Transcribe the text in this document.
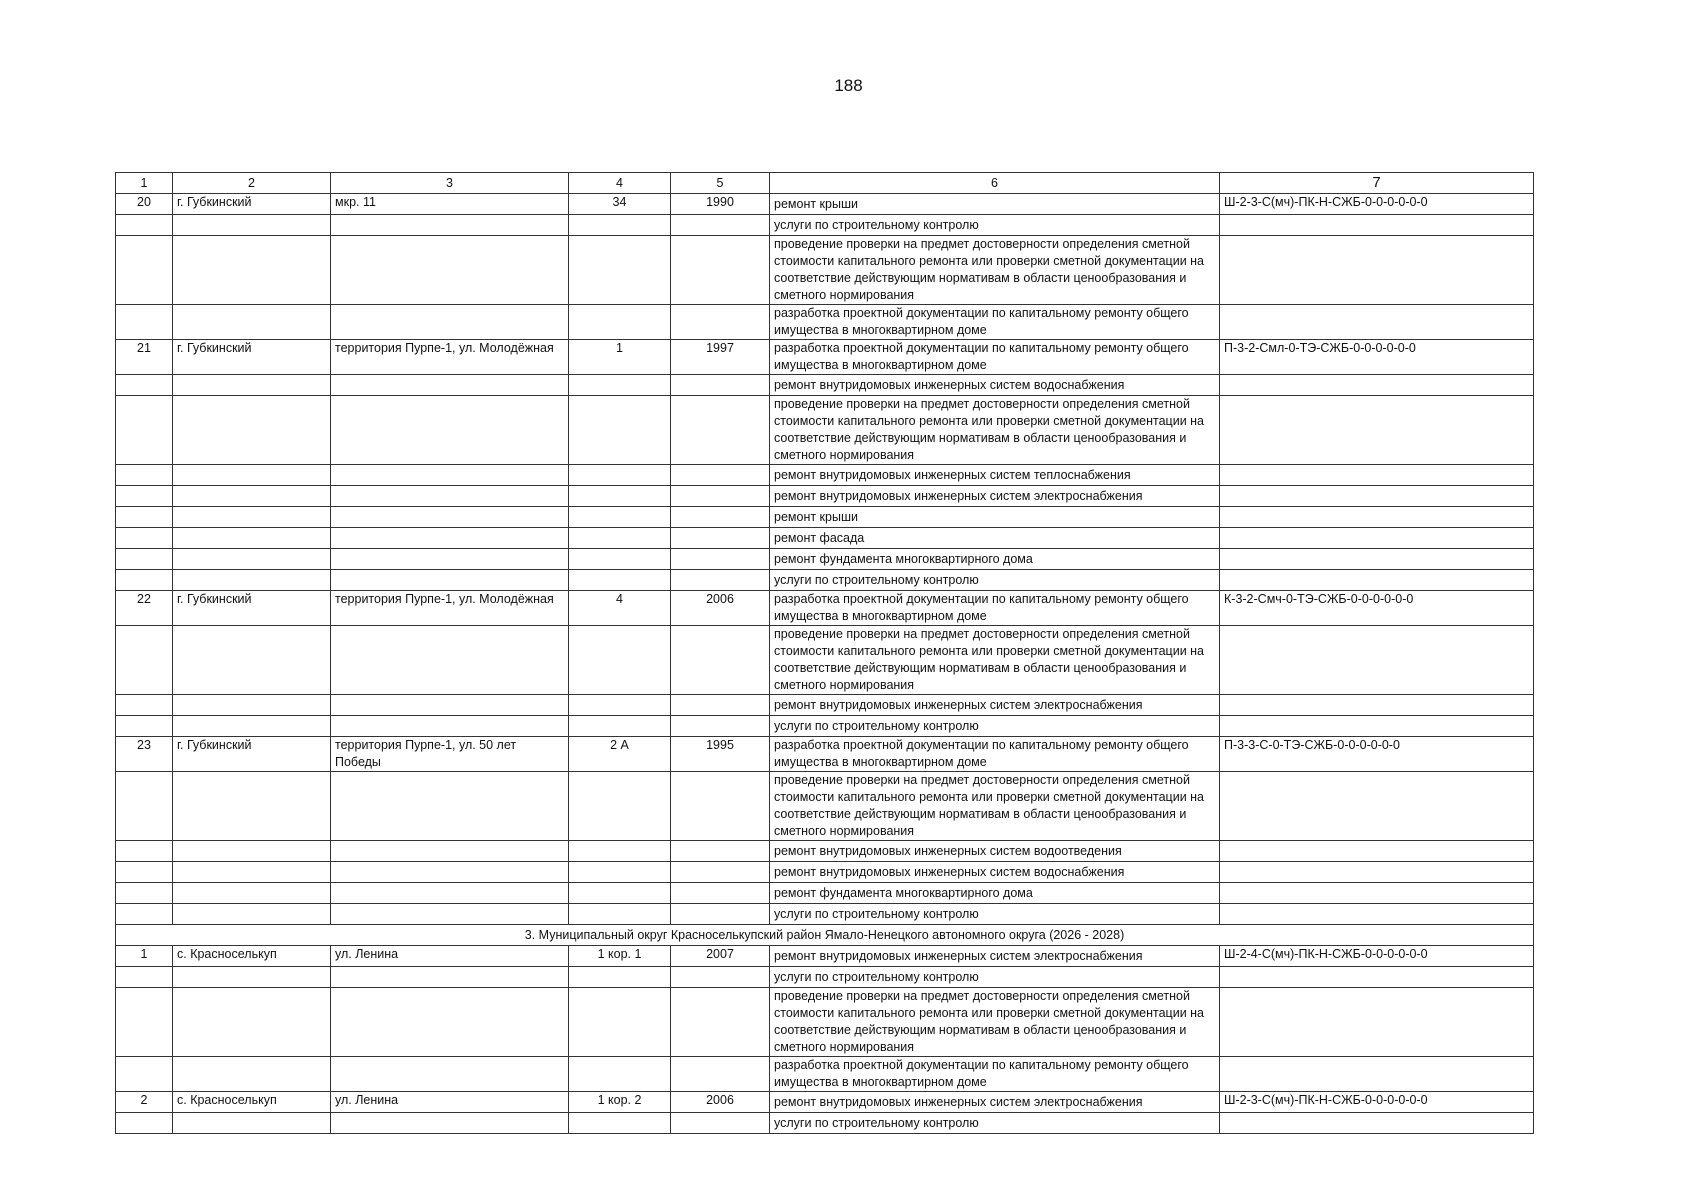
188
1	2	3	4	5	6	7
20	г. Губкинский	мкр. 11	34	1990	ремонт крыши	Ш-2-3-С(мч)-ПК-Н-СЖБ-0-0-0-0-0-0
					услуги по строительному контролю	
					проведение проверки на предмет достоверности определения сметной стоимости капитального ремонта или проверки сметной документации на соответствие действующим нормативам в области ценообразования и сметного нормирования	
					разработка проектной документации по капитальному ремонту общего имущества в многоквартирном доме	
21	г. Губкинский	территория Пурпе-1, ул. Молодёжная	1	1997	разработка проектной документации по капитальному ремонту общего имущества в многоквартирном доме	П-3-2-Смл-0-ТЭ-СЖБ-0-0-0-0-0-0
					ремонт внутридомовых инженерных систем водоснабжения	
					проведение проверки на предмет достоверности определения сметной стоимости капитального ремонта или проверки сметной документации на соответствие действующим нормативам в области ценообразования и сметного нормирования	
					ремонт внутридомовых инженерных систем теплоснабжения	
					ремонт внутридомовых инженерных систем электроснабжения	
					ремонт крыши	
					ремонт фасада	
					ремонт фундамента многоквартирного дома	
					услуги по строительному контролю	
22	г. Губкинский	территория Пурпе-1, ул. Молодёжная	4	2006	разработка проектной документации по капитальному ремонту общего имущества в многоквартирном доме	К-3-2-Смч-0-ТЭ-СЖБ-0-0-0-0-0-0
					проведение проверки на предмет достоверности определения сметной стоимости капитального ремонта или проверки сметной документации на соответствие действующим нормативам в области ценообразования и сметного нормирования	
					ремонт внутридомовых инженерных систем электроснабжения	
					услуги по строительному контролю	
23	г. Губкинский	территория Пурпе-1, ул. 50 лет Победы	2 А	1995	разработка проектной документации по капитальному ремонту общего имущества в многоквартирном доме	П-3-3-С-0-ТЭ-СЖБ-0-0-0-0-0-0
					проведение проверки на предмет достоверности определения сметной стоимости капитального ремонта или проверки сметной документации на соответствие действующим нормативам в области ценообразования и сметного нормирования	
					ремонт внутридомовых инженерных систем водоотведения	
					ремонт внутридомовых инженерных систем водоснабжения	
					ремонт фундамента многоквартирного дома	
					услуги по строительному контролю	
3. Муниципальный округ Красноселькупский район Ямало-Ненецкого автономного округа (2026 - 2028)						
1	с. Красноселькуп	ул. Ленина	1 кор. 1	2007	ремонт внутридомовых инженерных систем электроснабжения	Ш-2-4-С(мч)-ПК-Н-СЖБ-0-0-0-0-0-0
					услуги по строительному контролю	
					проведение проверки на предмет достоверности определения сметной стоимости капитального ремонта или проверки сметной документации на соответствие действующим нормативам в области ценообразования и сметного нормирования	
					разработка проектной документации по капитальному ремонту общего имущества в многоквартирном доме	
2	с. Красноселькуп	ул. Ленина	1 кор. 2	2006	ремонт внутридомовых инженерных систем электроснабжения	Ш-2-3-С(мч)-ПК-Н-СЖБ-0-0-0-0-0-0
					услуги по строительному контролю	
